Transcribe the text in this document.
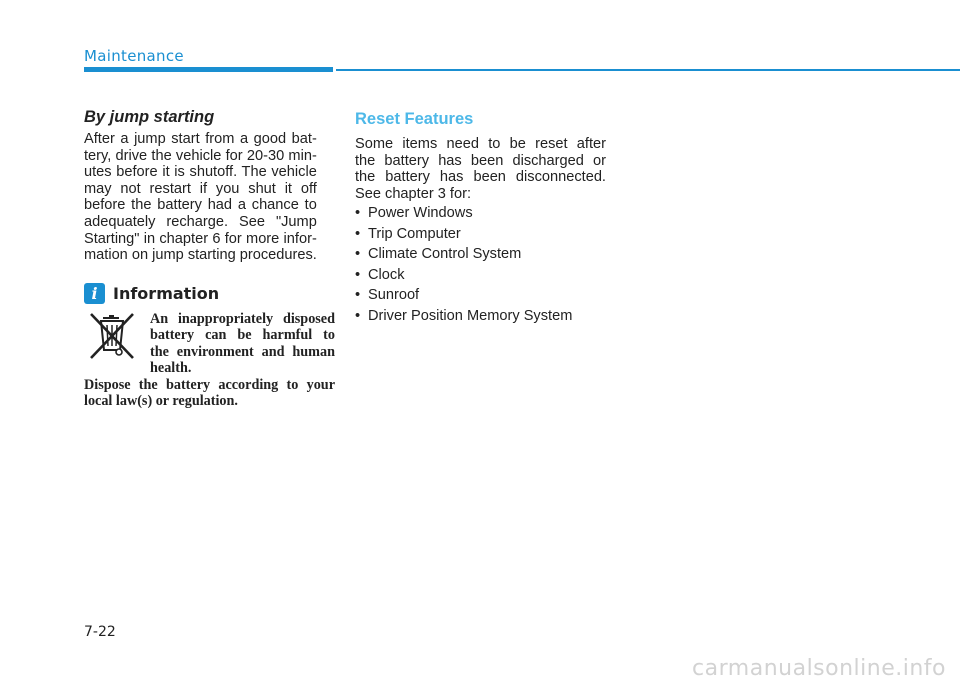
Maintenance
By jump starting

After a jump start from a good bat-
tery, drive the vehicle for 20-30 min-
utes before it is shutoff. The vehicle
may not restart if you shut it off
before the battery had a chance to
adequately recharge. See "Jump
Starting" in chapter 6 for more infor-
mation on jump starting procedures.

i Information

An inappropriately disposed
battery can be harmful to
the environment and human
health.

Dispose the battery according to your
local law(s) or regulation.

Reset Features

Some items need to be reset after
the battery has been discharged or
the battery has been disconnected.
See chapter 3 for:

• Power Windows
• Trip Computer
• Climate Control System
• Clock
• Sunroof
• Driver Position Memory System
7-22
carmanualsonline.info
